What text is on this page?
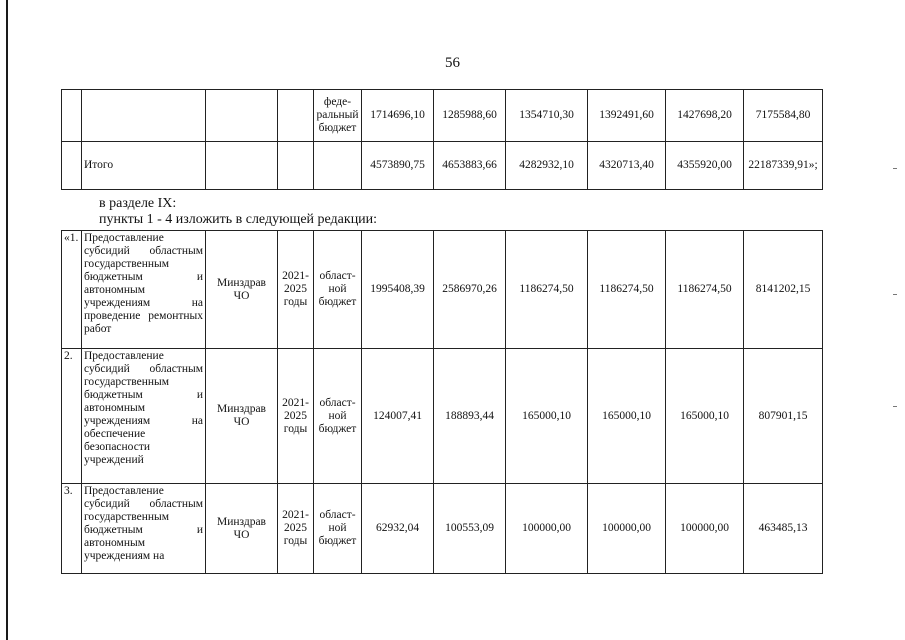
56
				феде-ральный бюджет	1714696,10	1285988,60	1354710,30	1392491,60	1427698,20	7175584,80
	Итого				4573890,75	4653883,66	4282932,10	4320713,40	4355920,00	22187339,91»;
в разделе IX:
пункты 1 - 4 изложить в следующей редакции:
«1.	Предоставление субсидий областным государственным бюджетным и автономным учреждениям на проведение ремонтных работ	Минздрав ЧО	2021-2025 годы	област-ной бюджет	1995408,39	2586970,26	1186274,50	1186274,50	1186274,50	8141202,15
2.	Предоставление субсидий областным государственным бюджетным и автономным учреждениям на обеспечение безопасности учреждений	Минздрав ЧО	2021-2025 годы	област-ной бюджет	124007,41	188893,44	165000,10	165000,10	165000,10	807901,15
3.	Предоставление субсидий областным государственным бюджетным и автономным учреждениям на	Минздрав ЧО	2021-2025 годы	област-ной бюджет	62932,04	100553,09	100000,00	100000,00	100000,00	463485,13
